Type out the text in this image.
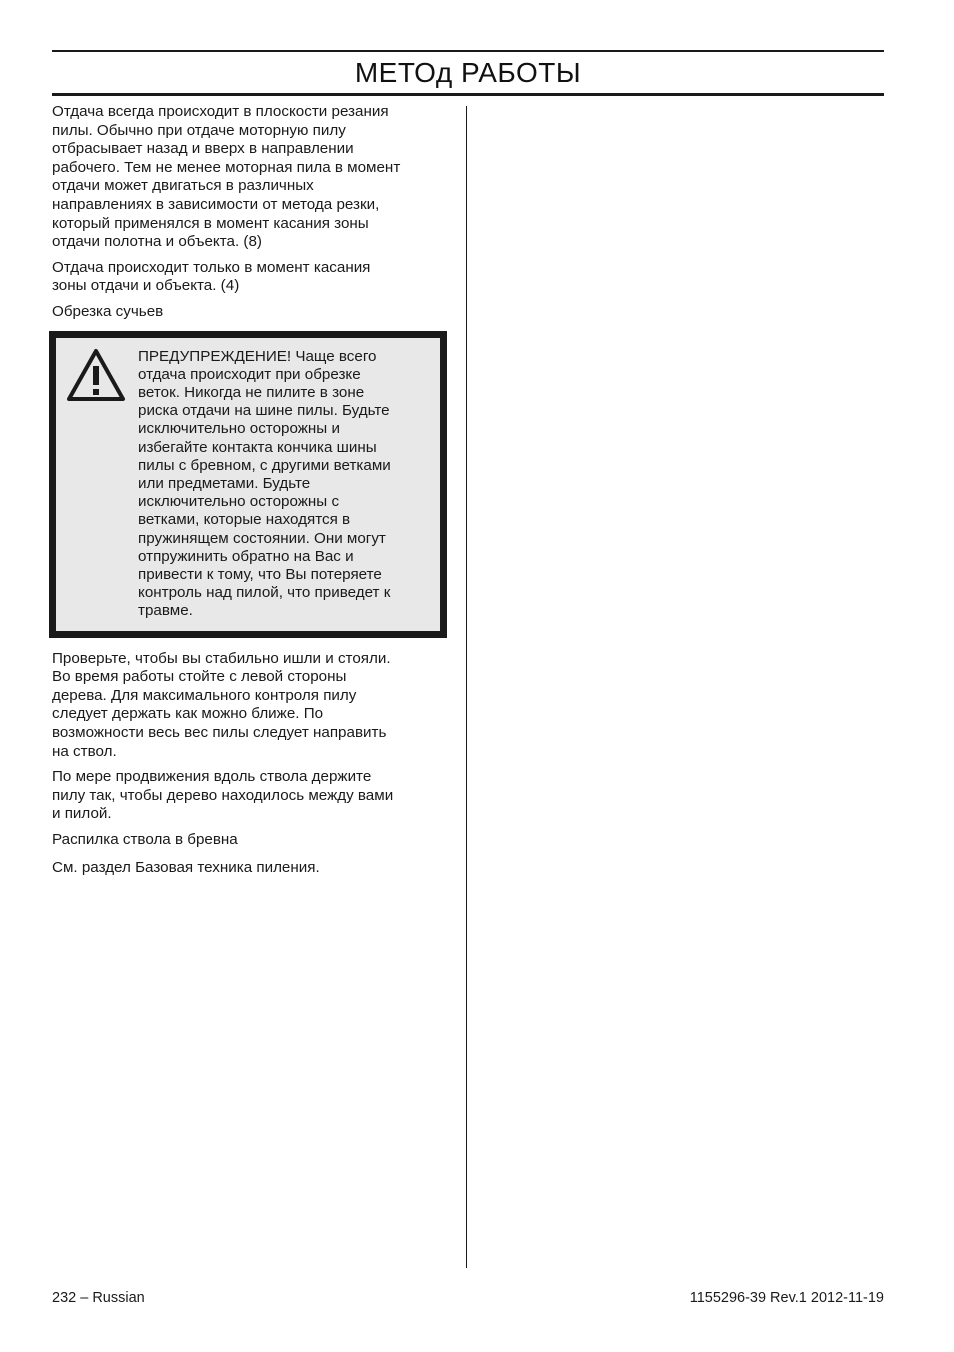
МЕТОд РАБОТЫ

Отдача всегда происходит в плоскости резания
пилы. Обычно при отдаче моторную пилу
отбрасывает назад и вверх в направлении
рабочего. Тем не менее моторная пила в момент
отдачи может двигаться в различных
направлениях в зависимости от метода резки,
который применялся в момент касания зоны
отдачи полотна и объекта. (8)

Отдача происходит только в момент касания
зоны отдачи и объекта. (4)

Обрезка сучьев

ПРЕДУПРЕЖДЕНИЕ! Чаще всего
отдача происходит при обрезке
веток. Никогда не пилите в зоне
риска отдачи на шине пилы. Будьте
исключительно осторожны и
избегайте контакта кончика шины
пилы с бревном, с другими ветками
или предметами. Будьте
исключительно осторожны с
ветками, которые находятся в
пружинящем состоянии. Они могут
отпружинить обратно на Вас и
привести к тому, что Вы потеряете
контроль над пилой, что приведет к
травме.

Проверьте, чтобы вы стабильно ишли и стояли.
Во время работы стойте с левой стороны
дерева. Для максимального контроля пилу
следует держать как можно ближе. По
возможности весь вес пилы следует направить
на ствол.

По мере продвижения вдоль ствола держите
пилу так, чтобы дерево находилось между вами
и пилой.

Распилка ствола в бревна

См. раздел Базовая техника пиления.

232 – Russian	1155296-39 Rev.1 2012-11-19
